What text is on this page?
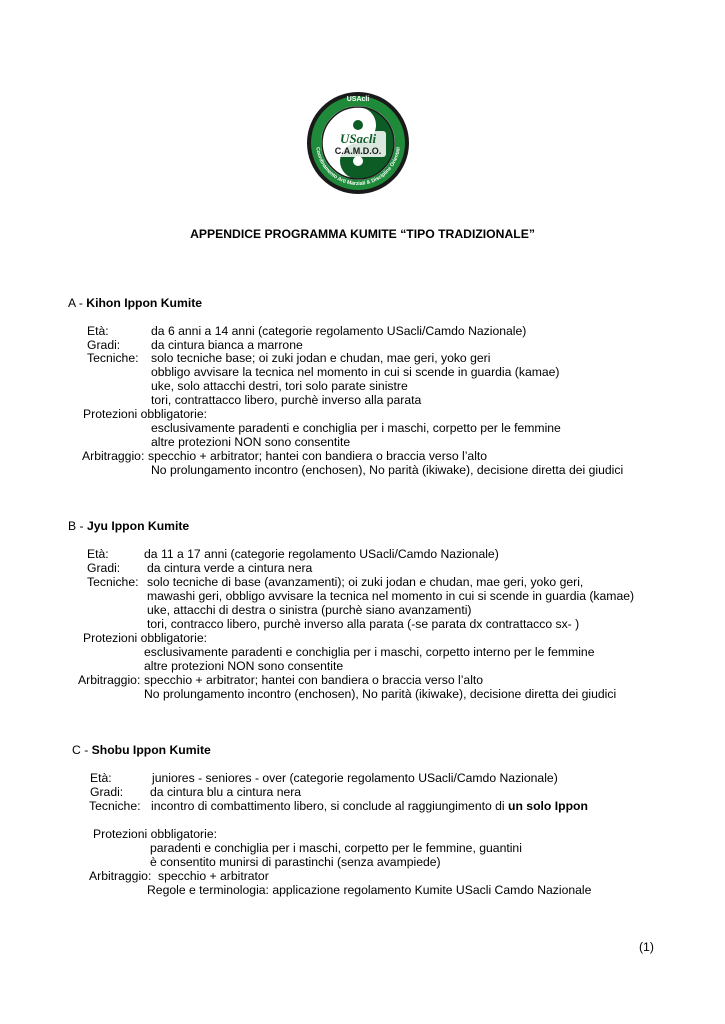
USAcli
Coordinamento Arti Marziali & Discipline Orientali
USacli
C.A.M.D.O.
APPENDICE PROGRAMMA KUMITE “TIPO TRADIZIONALE”
A - Kihon Ippon Kumite
Età:	da 6 anni a 14 anni (categorie regolamento USacli/Camdo Nazionale)
Gradi:	da cintura bianca a marrone
Tecniche: solo tecniche base; oi zuki jodan e chudan, mae geri, yoko geri
obbligo avvisare la tecnica nel momento in cui si scende in guardia (kamae)
uke, solo attacchi destri, tori solo parate sinistre
tori, contrattacco libero, purchè inverso alla parata
Protezioni obbligatorie:
esclusivamente paradenti e conchiglia per i maschi, corpetto per le femmine
altre protezioni NON sono consentite
Arbitraggio: specchio + arbitrator; hantei con bandiera o braccia verso l’alto
No prolungamento incontro (enchosen), No parità (ikiwake), decisione diretta dei giudici
B - Jyu Ippon Kumite
Età:	da 11 a 17 anni (categorie regolamento USacli/Camdo Nazionale)
Gradi: da cintura verde a cintura nera
Tecniche: solo tecniche di base (avanzamenti); oi zuki jodan e chudan, mae geri, yoko geri,
mawashi geri, obbligo avvisare la tecnica nel momento in cui si scende in guardia (kamae)
uke, attacchi di destra o sinistra (purchè siano avanzamenti)
tori, contracco libero, purchè inverso alla parata (-se parata dx contrattacco sx- )
Protezioni obbligatorie:
esclusivamente paradenti e conchiglia per i maschi, corpetto interno per le femmine
altre protezioni NON sono consentite
Arbitraggio: specchio + arbitrator; hantei con bandiera o braccia verso l’alto
No prolungamento incontro (enchosen), No parità (ikiwake), decisione diretta dei giudici
C - Shobu Ippon Kumite
Età:	juniores - seniores - over (categorie regolamento USacli/Camdo Nazionale)
Gradi: da cintura blu a cintura nera
Tecniche: incontro di combattimento libero, si conclude al raggiungimento di un solo Ippon
Protezioni obbligatorie:
paradenti e conchiglia per i maschi, corpetto per le femmine, guantini
è consentito munirsi di parastinchi (senza avampiede)
Arbitraggio: specchio + arbitrator
Regole e terminologia: applicazione regolamento Kumite USacli Camdo Nazionale
(1)
